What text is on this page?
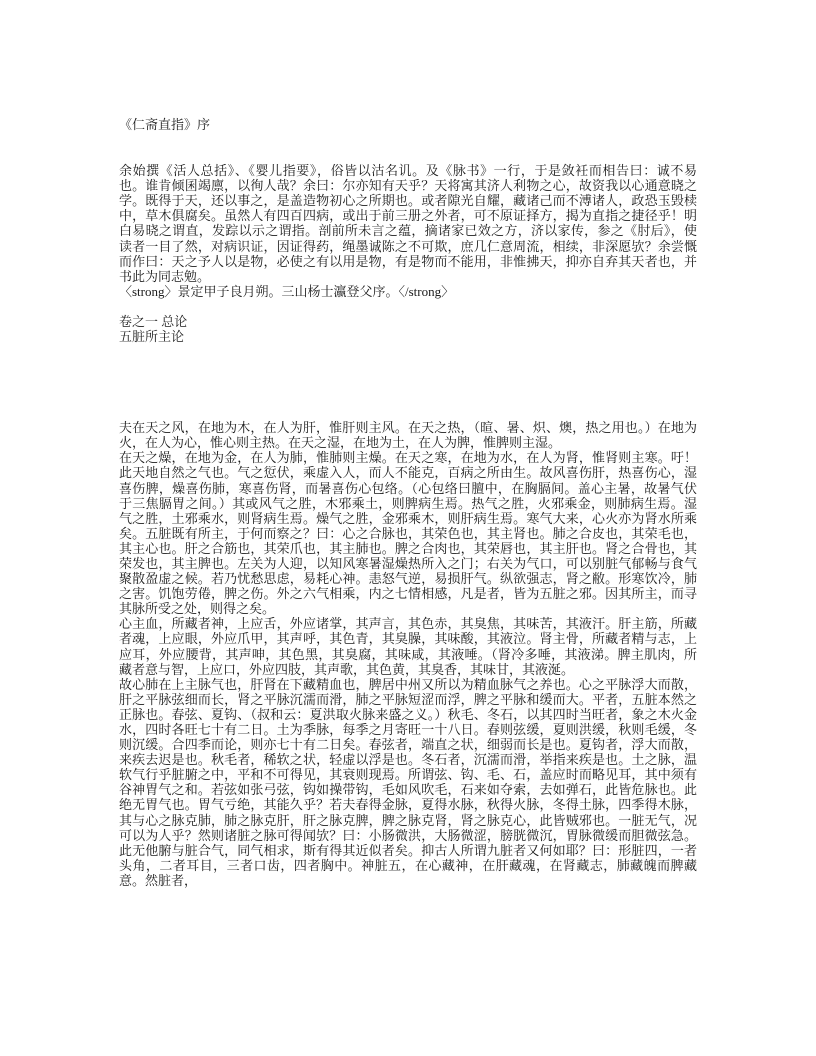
《仁斋直指》序

余始撰《活人总括》、《婴儿指要》，俗皆以沽名讥。及《脉书》一行，于是敛衽而相告曰：诚不易也。谁肯倾囷竭廪，以徇人哉？余曰：尔亦知有天乎？天将寓其济人利物之心，故资我以心通意晓之学。既得于天，还以事之，是盖造物初心之所期也。或者隙光自耀，藏诸己而不溥诸人，政恐玉毁椟中，草木俱腐矣。虽然人有四百四病，或出于前三册之外者，可不原证择方，揭为直指之捷径乎！明白易晓之谓直，发踪以示之谓指。剖前所未言之蕴，摘诸家已效之方，济以家传，参之《肘后》，使读者一目了然，对病识证，因证得药，绳墨诚陈之不可欺，庶几仁意周流，相续，非深愿欤？余尝慨而作曰：天之予人以是物，必使之有以用是物，有是物而不能用，非惟拂天，抑亦自弃其天者也，并书此为同志勉。

〈strong〉景定甲子良月朔。三山杨士瀛登父序。〈/strong〉

卷之一 总论

五脏所主论

夫在天之风，在地为木，在人为肝，惟肝则主风。在天之热，（暄、暑、炽、燠，热之用也。）在地为火，在人为心，惟心则主热。在天之湿，在地为土，在人为脾，惟脾则主湿。

在天之燥，在地为金，在人为肺，惟肺则主燥。在天之寒，在地为水，在人为肾，惟肾则主寒。吁！此天地自然之气也。气之愆伏，乘虚入人，而人不能克，百病之所由生。故风喜伤肝，热喜伤心，湿喜伤脾，燥喜伤肺，寒喜伤肾，而暑喜伤心包络。（心包络曰膻中，在胸膈间。盖心主暑，故暑气伏于三焦膈胃之间。）其或风气之胜，木邪乘土，则脾病生焉。热气之胜，火邪乘金，则肺病生焉。湿气之胜，土邪乘水，则肾病生焉。燥气之胜，金邪乘木，则肝病生焉。寒气大来，心火亦为肾水所乘矣。五脏既有所主，于何而察之？曰：心之合脉也，其荣色也，其主肾也。肺之合皮也，其荣毛也，其主心也。肝之合筋也，其荣爪也，其主肺也。脾之合肉也，其荣唇也，其主肝也。肾之合骨也，其荣发也，其主脾也。左关为人迎，以知风寒暑湿燥热所入之门；右关为气口，可以别脏气郁畅与食气聚散盈虚之候。若乃忧愁思虑，易耗心神。恚怒气逆，易损肝气。纵欲强志，肾之敝。形寒饮冷，肺之害。饥饱劳倦，脾之伤。外之六气相乘，内之七情相感，凡是者，皆为五脏之邪。因其所主，而寻其脉所受之处，则得之矣。

心主血，所藏者神，上应舌，外应诸掌，其声言，其色赤，其臭焦，其味苦，其液汗。肝主筋，所藏者魂，上应眼，外应爪甲，其声呼，其色青，其臭臊，其味酸，其液泣。肾主骨，所藏者精与志，上应耳，外应腰背，其声呻，其色黑，其臭腐，其味咸，其液唾。（肾冷多唾，其液涕。脾主肌肉，所藏者意与智，上应口，外应四肢，其声歌，其色黄，其臭香，其味甘，其液涎。

故心肺在上主脉气也，肝肾在下藏精血也，脾居中州又所以为精血脉气之养也。心之平脉浮大而散，肝之平脉弦细而长，肾之平脉沉濡而滑，肺之平脉短涩而浮，脾之平脉和缓而大。平者，五脏本然之正脉也。春弦、夏钩、（叔和云：夏洪取火脉来盛之义。）秋毛、冬石，以其四时当旺者，象之木火金水，四时各旺七十有二日。土为季脉，每季之月寄旺一十八日。春则弦缓，夏则洪缓，秋则毛缓，冬则沉缓。合四季而论，则亦七十有二日矣。春弦者，端直之状，细弱而长是也。夏钩者，浮大而散，来疾去迟是也。秋毛者，稀软之状，轻虚以浮是也。冬石者，沉濡而滑，举指来疾是也。土之脉，温软气行乎脏腑之中，平和不可得见，其衰则现焉。所谓弦、钩、毛、石，盖应时而略见耳，其中须有谷神胃气之和。若弦如张弓弦，钩如操带钩，毛如风吹毛，石来如夺索，去如弹石，此皆危脉也。此绝无胃气也。胃气亏绝，其能久乎？若夫春得金脉，夏得水脉，秋得火脉，冬得土脉，四季得木脉，其与心之脉克肺，肺之脉克肝，肝之脉克脾，脾之脉克肾，肾之脉克心，此皆贼邪也。一脏无气，况可以为人乎？然则诸脏之脉可得闻欤？曰：小肠微洪，大肠微涩，膀胱微沉，胃脉微缓而胆微弦急。此无他腑与脏合气，同气相求，斯有得其近似者矣。抑古人所谓九脏者又何如耶？曰：形脏四，一者头角，二者耳目，三者口齿，四者胸中。神脏五，在心藏神，在肝藏魂，在肾藏志，肺藏魄而脾藏意。然脏者，
